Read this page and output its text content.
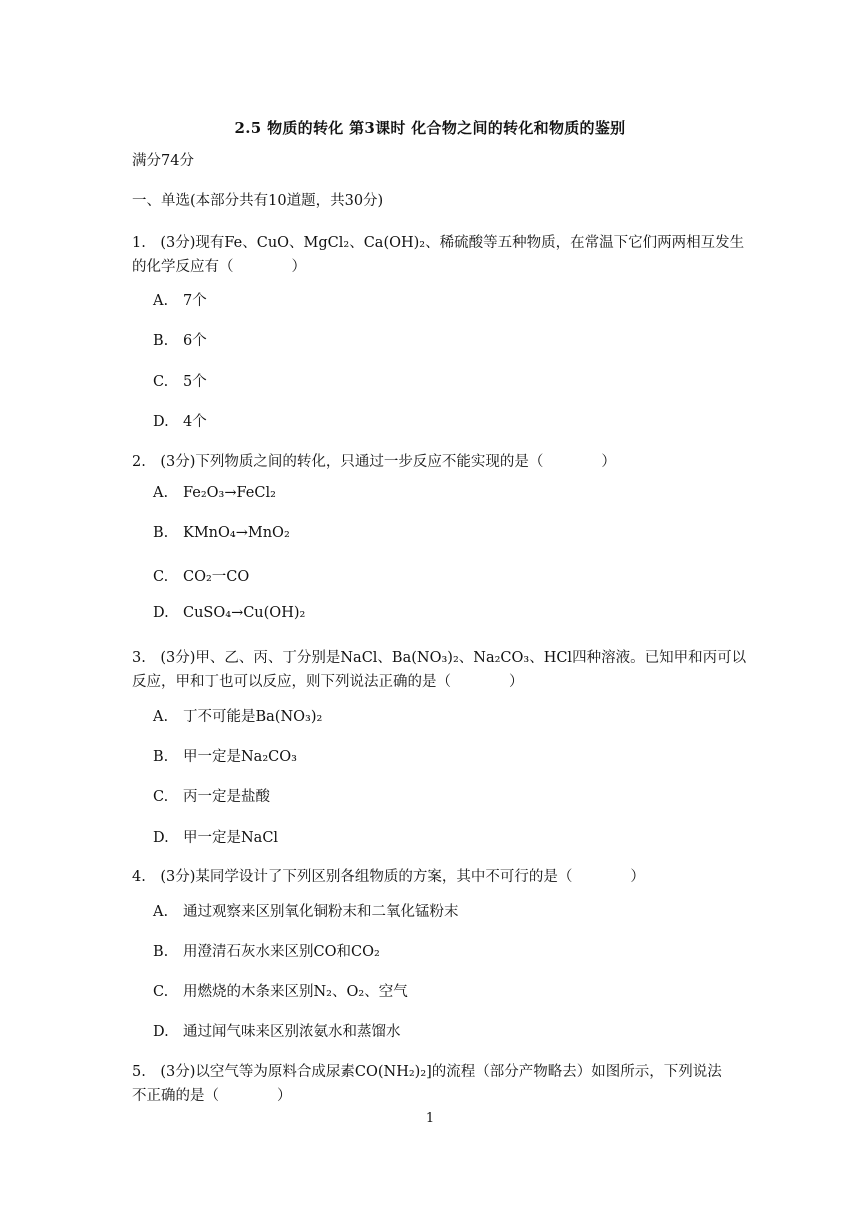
2.5 物质的转化 第3课时 化合物之间的转化和物质的鉴别
满分74分
一、单选(本部分共有10道题，共30分)
1.　(3分)现有Fe、CuO、MgCl₂、Ca(OH)₂、稀硫酸等五种物质，在常温下它们两两相互发生
的化学反应有（　　　　）
A. 7个
B. 6个
C. 5个
D. 4个
2.　(3分)下列物质之间的转化，只通过一步反应不能实现的是（　　　　）
A. Fe₂O₃→FeCl₂
B. KMnO₄→MnO₂
C. CO₂一CO
D. CuSO₄→Cu(OH)₂
3.　(3分)甲、乙、丙、丁分别是NaCl、Ba(NO₃)₂、Na₂CO₃、HCl四种溶液。已知甲和丙可以
反应，甲和丁也可以反应，则下列说法正确的是（　　　　）
A. 丁不可能是Ba(NO₃)₂
B. 甲一定是Na₂CO₃
C. 丙一定是盐酸
D. 甲一定是NaCl
4.　(3分)某同学设计了下列区别各组物质的方案，其中不可行的是（　　　　）
A. 通过观察来区别氧化铜粉末和二氧化锰粉末
B. 用澄清石灰水来区别CO和CO₂
C. 用燃烧的木条来区别N₂、O₂、空气
D. 通过闻气味来区别浓氨水和蒸馏水
5.　(3分)以空气等为原料合成尿素CO(NH₂)₂]的流程（部分产物略去）如图所示，下列说法
不正确的是（　　　　）
1
